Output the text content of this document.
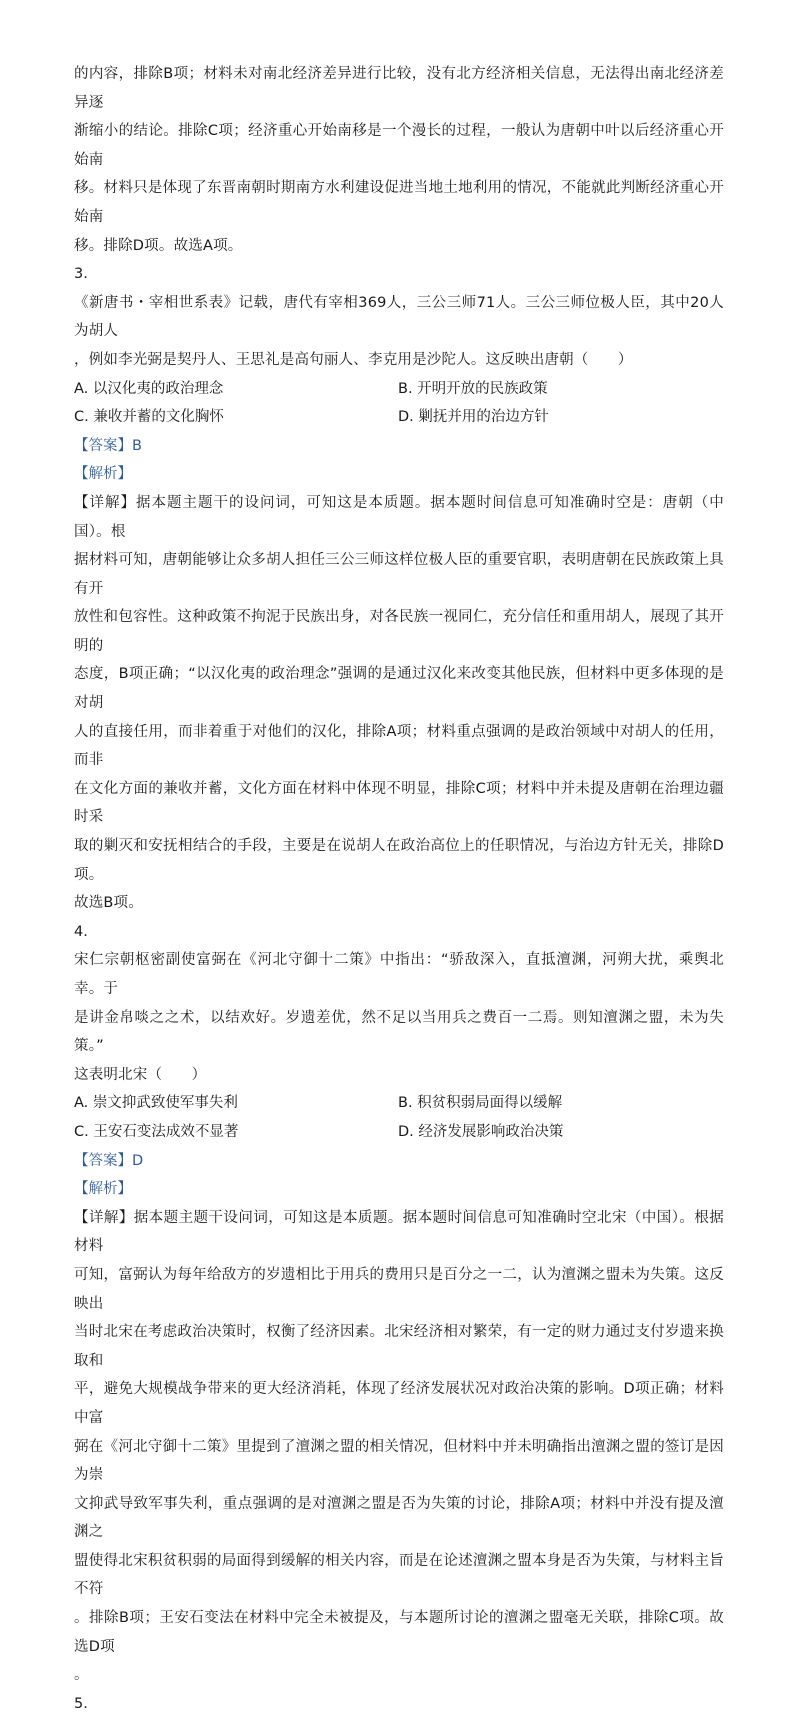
的内容，排除B项；材料未对南北经济差异进行比较，没有北方经济相关信息，无法得出南北经济差异逐

渐缩小的结论。排除C项；经济重心开始南移是一个漫长的过程，一般认为唐朝中叶以后经济重心开始南

移。材料只是体现了东晋南朝时期南方水利建设促进当地土地利用的情况，不能就此判断经济重心开始南

移。排除D项。故选A项。

3.

《新唐书・宰相世系表》记载，唐代有宰相369人，三公三师71人。三公三师位极人臣，其中20人为胡人

，例如李光弼是契丹人、王思礼是高句丽人、李克用是沙陀人。这反映出唐朝（　　）

A. 以汉化夷的政治理念	B. 开明开放的民族政策
C. 兼收并蓄的文化胸怀	D. 剿抚并用的治边方针

【答案】B

【解析】

【详解】据本题主题干的设问词，可知这是本质题。据本题时间信息可知准确时空是：唐朝（中国）。根

据材料可知，唐朝能够让众多胡人担任三公三师这样位极人臣的重要官职，表明唐朝在民族政策上具有开

放性和包容性。这种政策不拘泥于民族出身，对各民族一视同仁，充分信任和重用胡人，展现了其开明的

态度，B项正确；“以汉化夷的政治理念”强调的是通过汉化来改变其他民族，但材料中更多体现的是对胡

人的直接任用，而非着重于对他们的汉化，排除A项；材料重点强调的是政治领域中对胡人的任用，而非

在文化方面的兼收并蓄，文化方面在材料中体现不明显，排除C项；材料中并未提及唐朝在治理边疆时采

取的剿灭和安抚相结合的手段，主要是在说胡人在政治高位上的任职情况，与治边方针无关，排除D项。

故选B项。

4.

宋仁宗朝枢密副使富弼在《河北守御十二策》中指出：“骄敌深入，直抵澶渊，河朔大扰，乘舆北幸。于

是讲金帛啖之之术，以结欢好。岁遗差优，然不足以当用兵之费百一二焉。则知澶渊之盟，未为失策。”

这表明北宋（　　）

A. 崇文抑武致使军事失利	B. 积贫积弱局面得以缓解
C. 王安石变法成效不显著	D. 经济发展影响政治决策

【答案】D

【解析】

【详解】据本题主题干设问词，可知这是本质题。据本题时间信息可知准确时空北宋（中国）。根据材料

可知，富弼认为每年给敌方的岁遗相比于用兵的费用只是百分之一二，认为澶渊之盟未为失策。这反映出

当时北宋在考虑政治决策时，权衡了经济因素。北宋经济相对繁荣，有一定的财力通过支付岁遗来换取和

平，避免大规模战争带来的更大经济消耗，体现了经济发展状况对政治决策的影响。D项正确；材料中富

弼在《河北守御十二策》里提到了澶渊之盟的相关情况，但材料中并未明确指出澶渊之盟的签订是因为崇

文抑武导致军事失利，重点强调的是对澶渊之盟是否为失策的讨论，排除A项；材料中并没有提及澶渊之

盟使得北宋积贫积弱的局面得到缓解的相关内容，而是在论述澶渊之盟本身是否为失策，与材料主旨不符

。排除B项；王安石变法在材料中完全未被提及，与本题所讨论的澶渊之盟毫无关联，排除C项。故选D项

。

5.
